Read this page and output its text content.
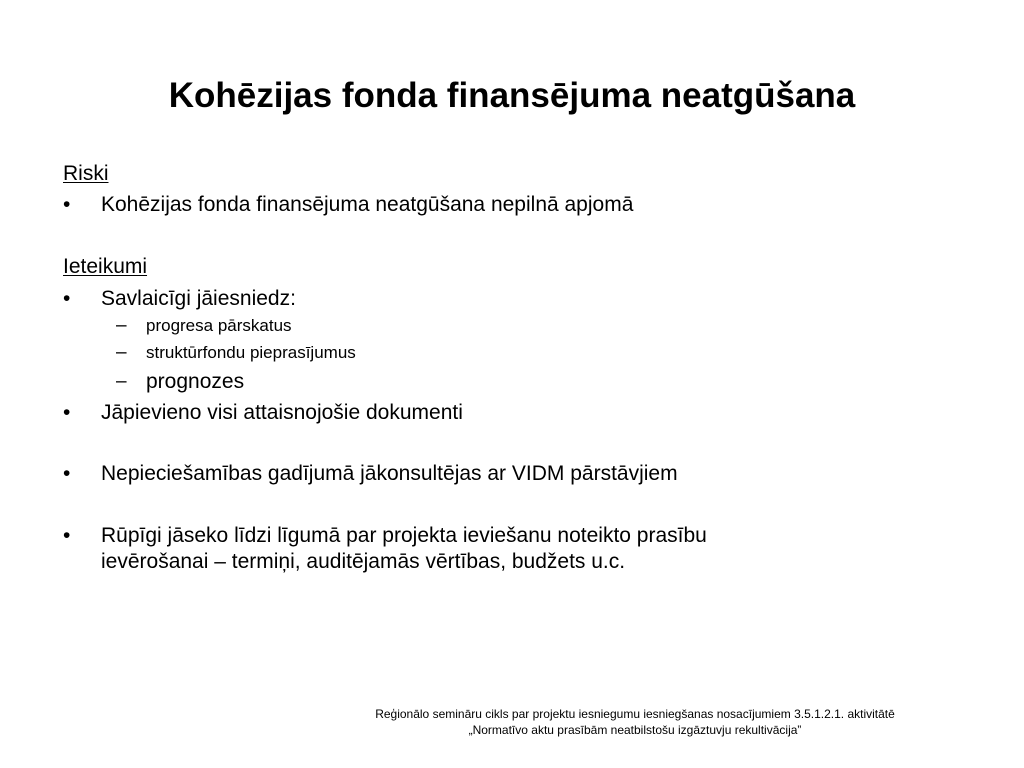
Kohēzijas fonda finansējuma neatgūšana
Riski
•	Kohēzijas fonda finansējuma neatgūšana nepilnā apjomā
Ieteikumi
•	Savlaicīgi jāiesniedz:
–	progresa pārskatus
–	struktūrfondu pieprasījumus
– prognozes
•	Jāpievieno visi attaisnojošie dokumenti
•	Nepieciešamības gadījumā jākonsultējas ar VIDM pārstāvjiem
•	Rūpīgi jāseko līdzi līgumā par projekta ieviešanu noteikto prasību
ievērošanai – termiņi, auditējamās vērtības, budžets u.c.
Reģionālo semināru cikls par projektu iesniegumu iesniegšanas nosacījumiem 3.5.1.2.1. aktivitātē
„Normatīvo aktu prasībām neatbilstošu izgāztuvju rekultivācija”
